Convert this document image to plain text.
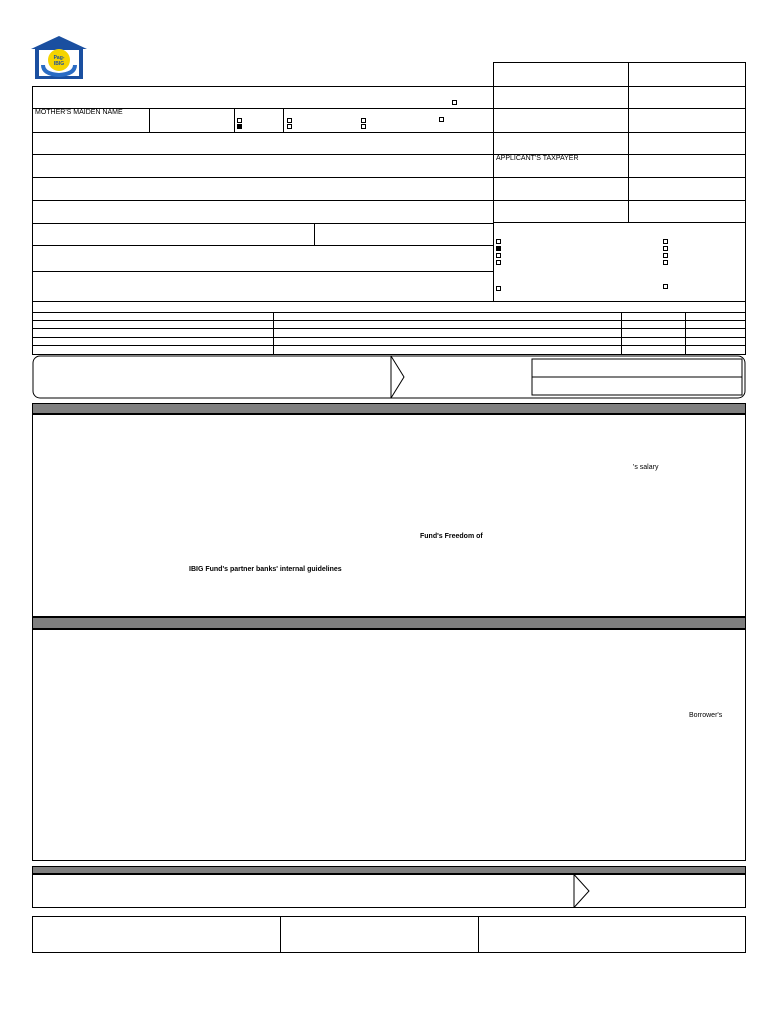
Pag-
IBIG
MOTHER'S MAIDEN NAME
APPLICANT'S TAXPAYER
's salary
Fund's Freedom of
IBIG Fund's partner banks' internal guidelines
Borrower's
